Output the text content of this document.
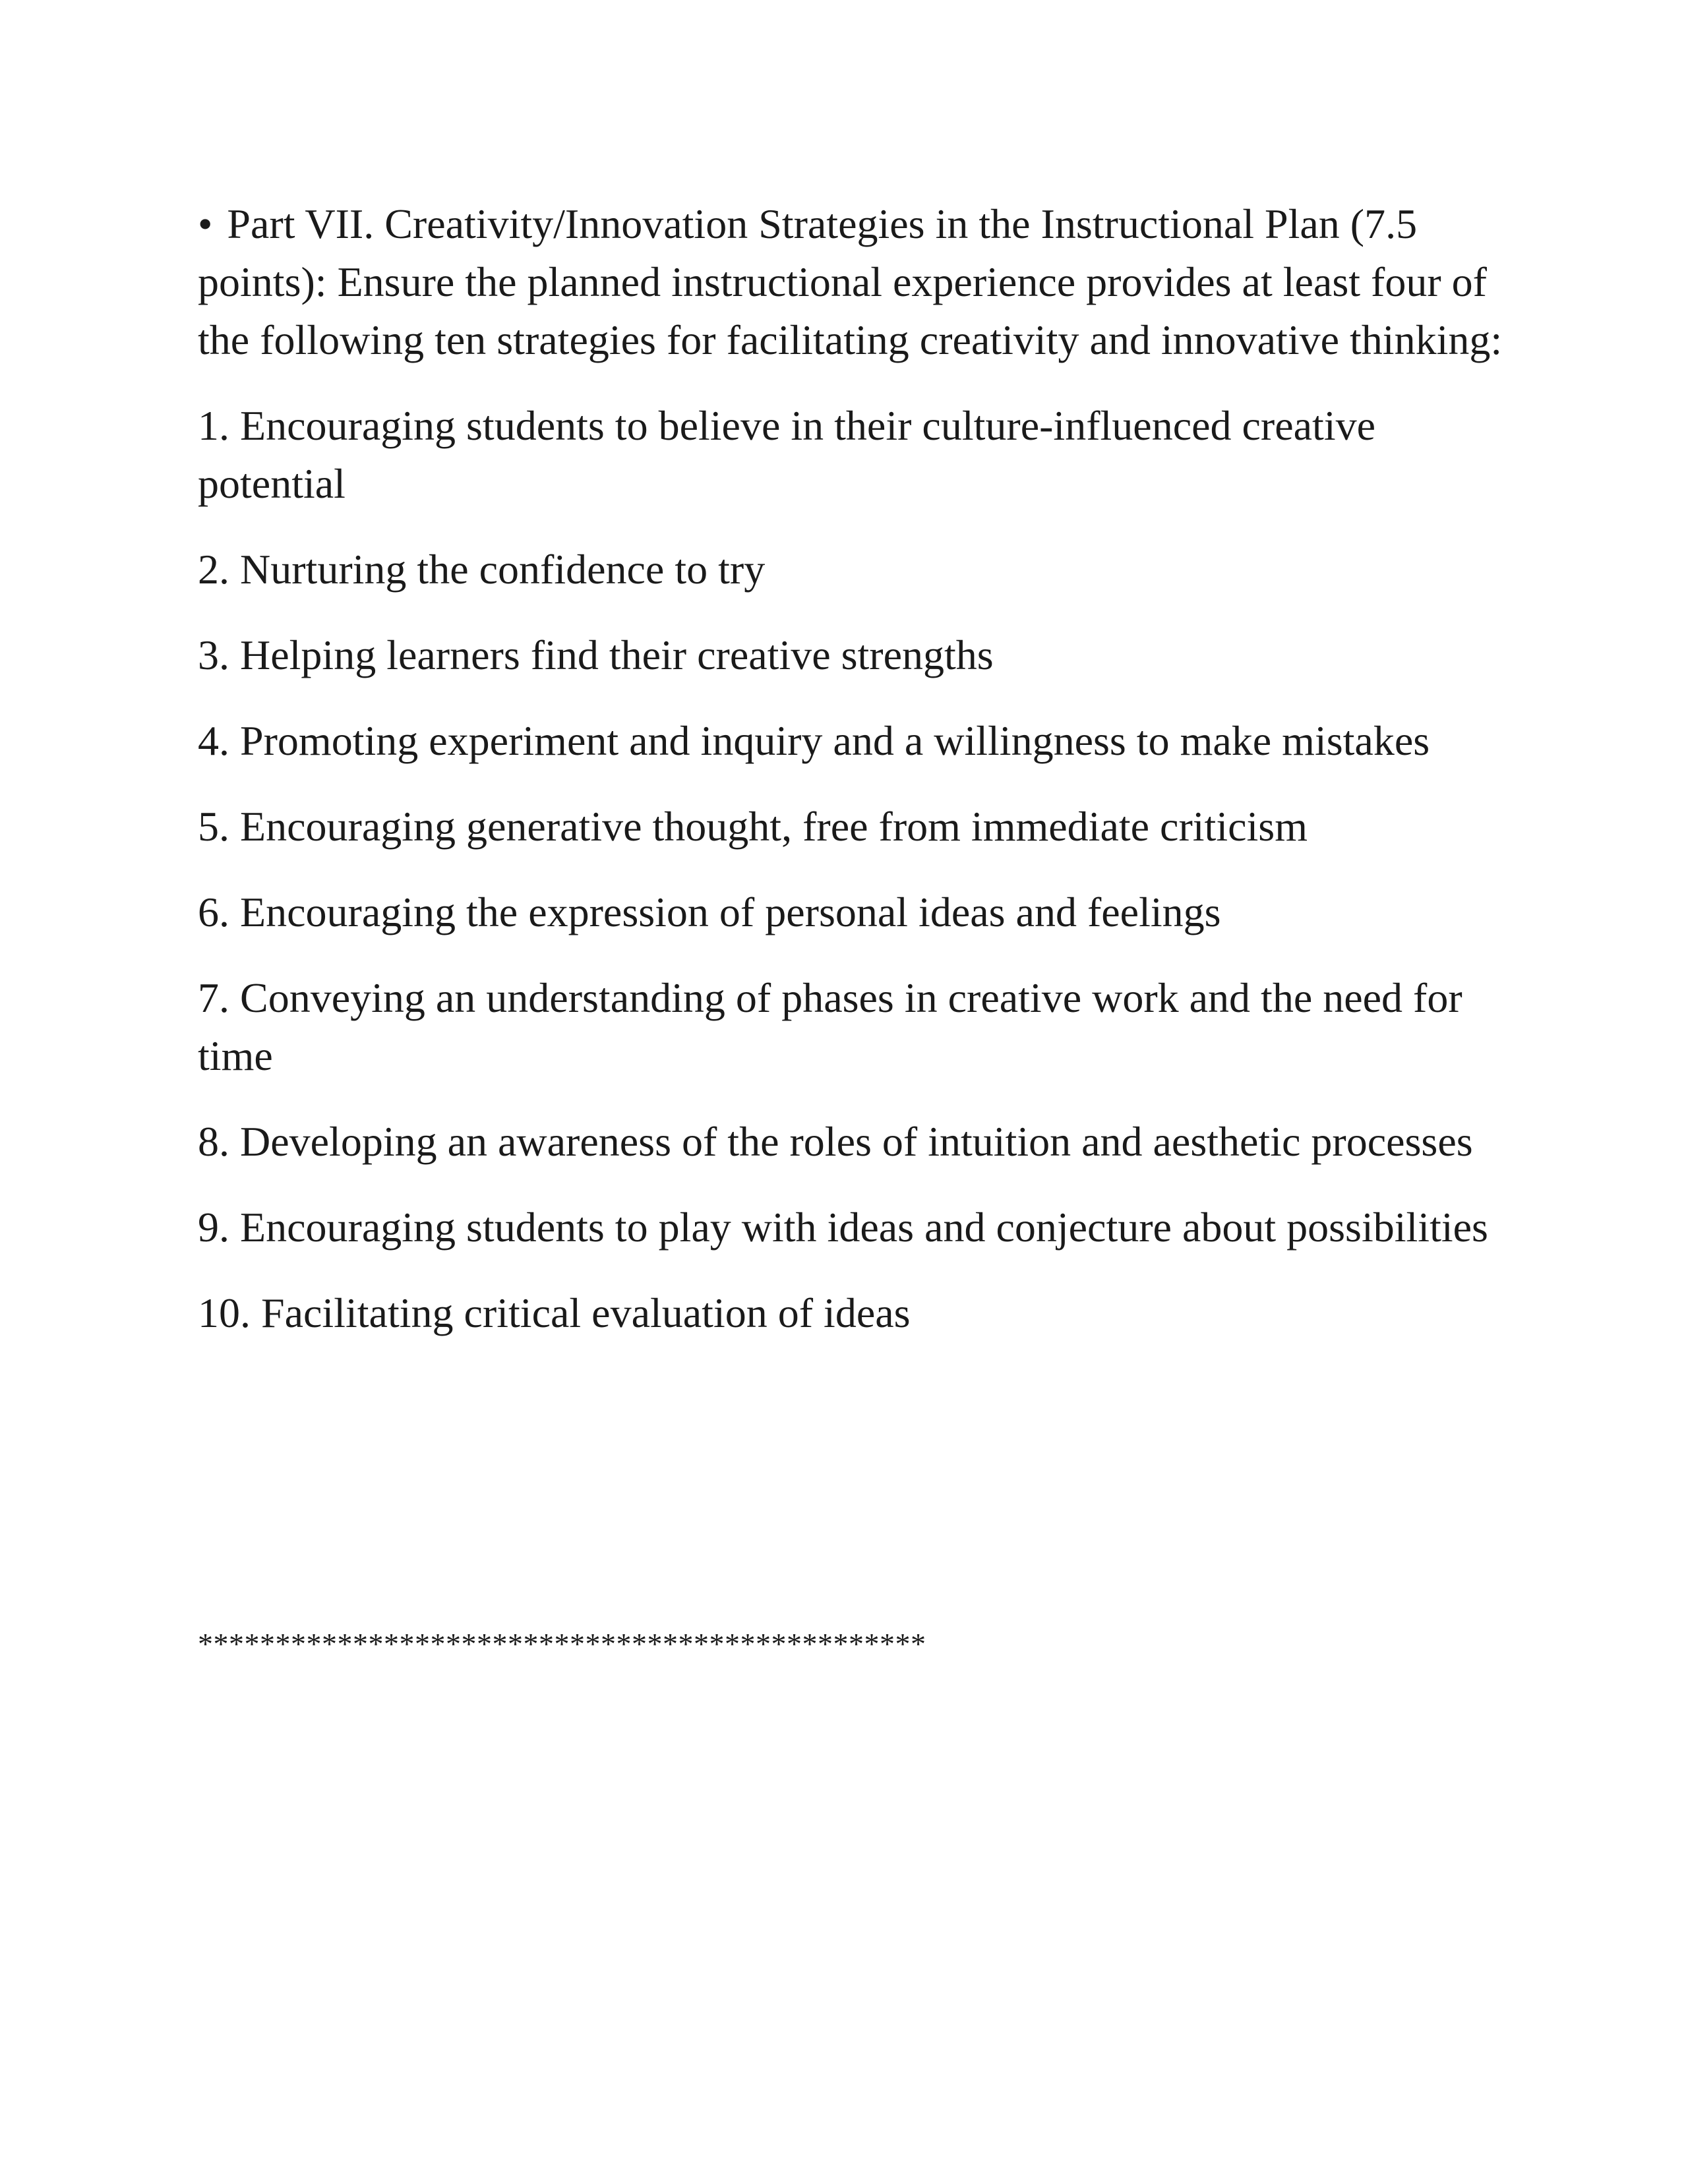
• Part VII. Creativity/Innovation Strategies in the Instructional Plan (7.5 points): Ensure the planned instructional experience provides at least four of the following ten strategies for facilitating creativity and innovative thinking:

1. Encouraging students to believe in their culture-influenced creative potential

2. Nurturing the confidence to try

3. Helping learners find their creative strengths

4. Promoting experiment and inquiry and a willingness to make mistakes

5. Encouraging generative thought, free from immediate criticism

6. Encouraging the expression of personal ideas and feelings

7. Conveying an understanding of phases in creative work and the need for time

8. Developing an awareness of the roles of intuition and aesthetic processes

9. Encouraging students to play with ideas and conjecture about possibilities

10. Facilitating critical evaluation of ideas

***********************************************
